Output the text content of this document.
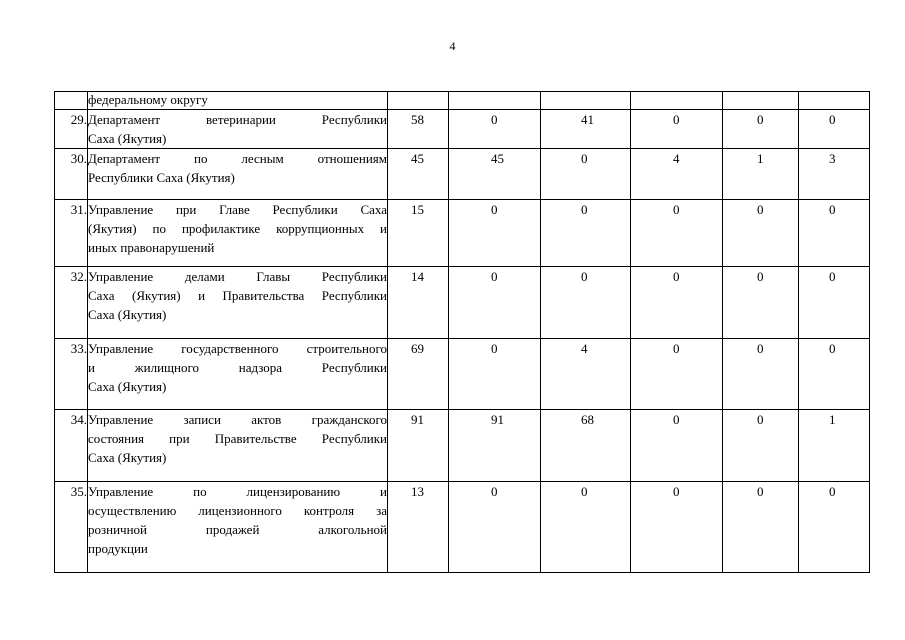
4
	федеральному округу						
29.	Департамент ветеринарии Республики
Саха (Якутия)	58	0	41	0	0	0
30.	Департамент по лесным отношениям
Республики Саха (Якутия)	45	45	0	4	1	3
31.	Управление при Главе Республики Саха
(Якутия) по профилактике коррупционных и
иных правонарушений	15	0	0	0	0	0
32.	Управление делами Главы Республики
Саха (Якутия) и Правительства Республики
Саха (Якутия)	14	0	0	0	0	0
33.	Управление государственного строительного
и жилищного надзора Республики
Саха (Якутия)	69	0	4	0	0	0
34.	Управление записи актов гражданского
состояния при Правительстве Республики
Саха (Якутия)	91	91	68	0	0	1
35.	Управление по лицензированию и
осуществлению лицензионного контроля за
розничной продажей алкогольной
продукции	13	0	0	0	0	0
